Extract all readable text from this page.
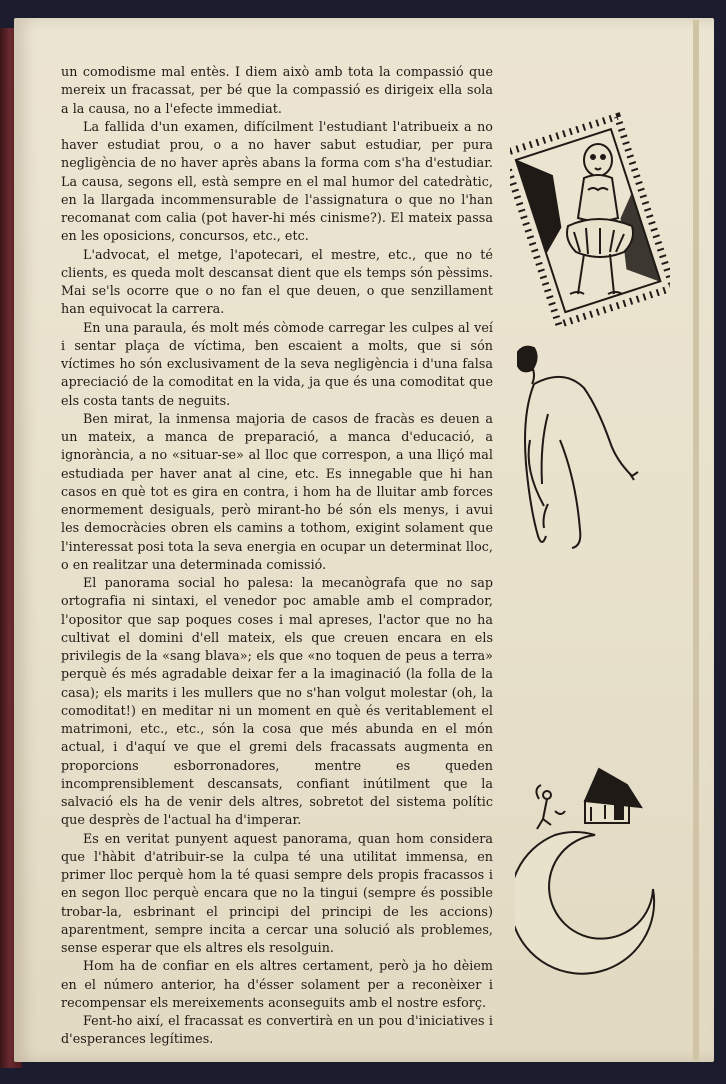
un comodisme mal entès. I diem això amb tota la compassió que mereix un fracassat, per bé que la compassió es dirigeix ella sola a la causa, no a l'efecte immediat.

La fallida d'un examen, difícilment l'estudiant l'atribueix a no haver estudiat prou, o a no haver sabut estudiar, per pura negligència de no haver après abans la forma com s'ha d'estudiar. La causa, segons ell, està sempre en el mal humor del catedràtic, en la llargada incommensurable de l'assignatura o que no l'han recomanat com calia (pot haver-hi més cinisme?). El mateix passa en les oposicions, concursos, etc., etc.

L'advocat, el metge, l'apotecari, el mestre, etc., que no té clients, es queda molt descansat dient que els temps són pèssims. Mai se'ls ocorre que o no fan el que deuen, o que senzillament han equivocat la carrera.

En una paraula, és molt més còmode carregar les culpes al veí i sentar plaça de víctima, ben escaient a molts, que si són víctimes ho són exclusivament de la seva negligència i d'una falsa apreciació de la comoditat en la vida, ja que és una comoditat que els costa tants de neguits.

Ben mirat, la inmensa majoria de casos de fracàs es deuen a un mateix, a manca de preparació, a manca d'educació, a ignorància, a no «situar-se» al lloc que correspon, a una lliçó mal estudiada per haver anat al cine, etc. Es innegable que hi han casos en què tot es gira en contra, i hom ha de lluitar amb forces enormement desiguals, però mirant-ho bé són els menys, i avui les democràcies obren els camins a tothom, exigint solament que l'interessat posi tota la seva energia en ocupar un determinat lloc, o en realitzar una determinada comissió.

El panorama social ho palesa: la mecanògrafa que no sap ortografia ni sintaxi, el venedor poc amable amb el comprador, l'opositor que sap poques coses i mal apreses, l'actor que no ha cultivat el domini d'ell mateix, els que creuen encara en els privilegis de la «sang blava»; els que «no toquen de peus a terra» perquè és més agradable deixar fer a la imaginació (la folla de la casa); els marits i les mullers que no s'han volgut molestar (oh, la comoditat!) en meditar ni un moment en què és veritablement el matrimoni, etc., etc., són la cosa que més abunda en el món actual, i d'aquí ve que el gremi dels fracassats augmenta en proporcions esborronadores, mentre es queden incomprensiblement descansats, confiant inútilment que la salvació els ha de venir dels altres, sobretot del sistema polític que desprès de l'actual ha d'imperar.

Es en veritat punyent aquest panorama, quan hom considera que l'hàbit d'atribuir-se la culpa té una utilitat immensa, en primer lloc perquè hom la té quasi sempre dels propis fracassos i en segon lloc perquè encara que no la tingui (sempre és possible trobar-la, esbrinant el principi del principi de les accions) aparentment, sempre incita a cercar una solució als problemes, sense esperar que els altres els resolguin.

Hom ha de confiar en els altres certament, però ja ho dèiem en el número anterior, ha d'ésser solament per a reconèixer i recompensar els mereixements aconseguits amb el nostre esforç.

Fent-ho així, el fracassat es convertirà en un pou d'iniciatives i d'esperances legítimes.
